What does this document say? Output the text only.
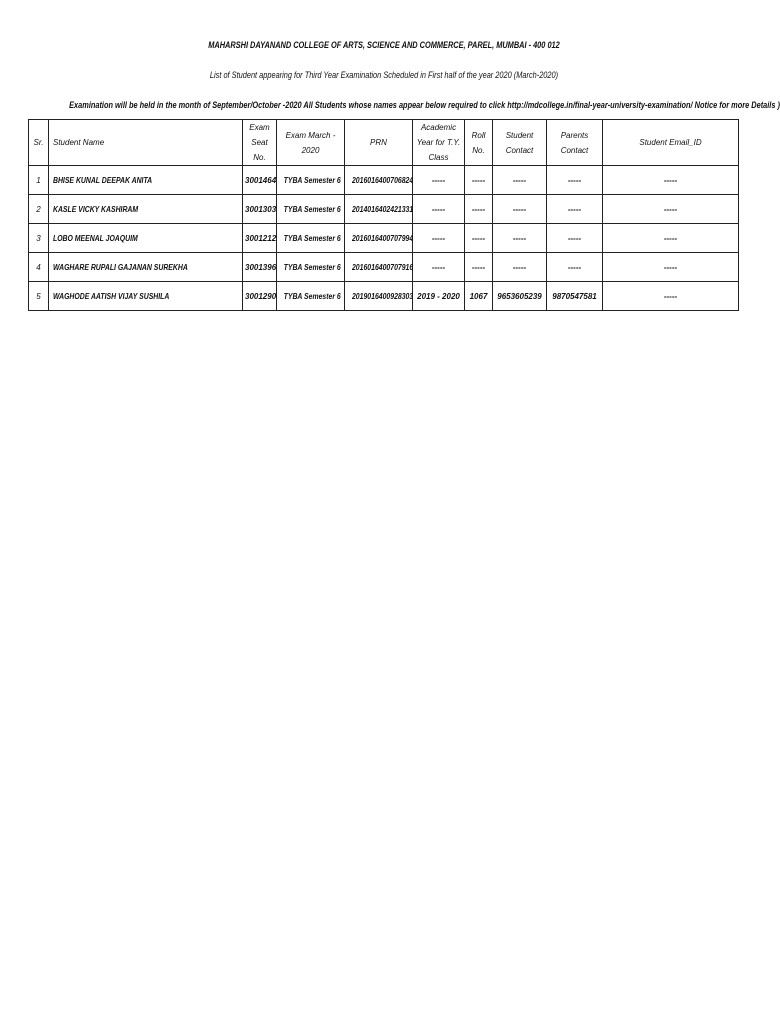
MAHARSHI DAYANAND COLLEGE OF ARTS, SCIENCE AND COMMERCE, PAREL, MUMBAI - 400 012
List of Student appearing for Third Year Examination Scheduled in First half of the year 2020 (March-2020)
Examination will be held in the month of September/October -2020 All Students whose names appear below required to click http://mdcollege.in/final-year-university-examination/ Notice for more Details )
Sr.	Student Name	Exam Seat No.	Exam March - 2020	PRN	Academic Year for T.Y. Class	Roll No.	Student Contact	Parents Contact	Student Email_ID
1	BHISE KUNAL DEEPAK ANITA	3001464	TYBA Semester 6	2016016400706824	-----	-----	-----	-----	-----
2	KASLE VICKY KASHIRAM	3001303	TYBA Semester 6	2014016402421331	-----	-----	-----	-----	-----
3	LOBO MEENAL JOAQUIM	3001212	TYBA Semester 6	2016016400707994	-----	-----	-----	-----	-----
4	WAGHARE RUPALI GAJANAN SUREKHA	3001396	TYBA Semester 6	2016016400707916	-----	-----	-----	-----	-----
5	WAGHODE AATISH VIJAY SUSHILA	3001290	TYBA Semester 6	2019016400928303	2019 - 2020	1067	9653605239	9870547581	-----
